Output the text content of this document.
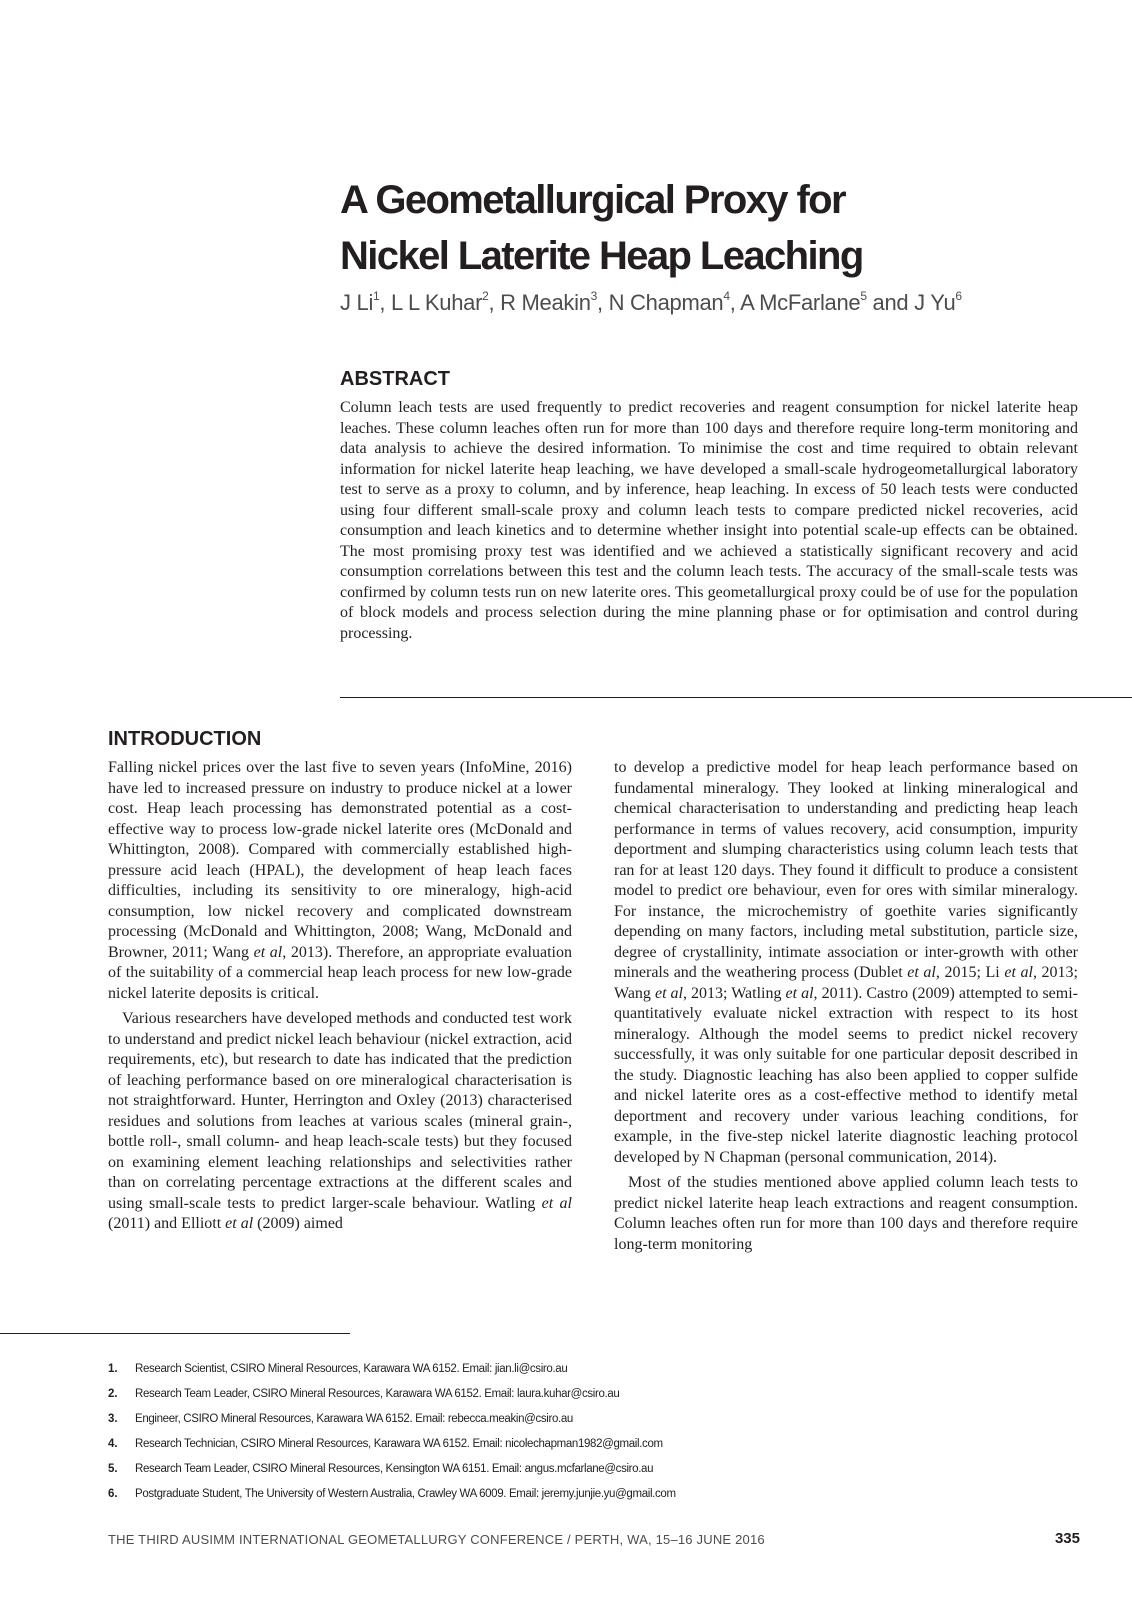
A Geometallurgical Proxy for
Nickel Laterite Heap Leaching

J Li$^1$, L L Kuhar$^2$, R Meakin$^3$, N Chapman$^4$, A McFarlane$^5$ and J Yu$^6$

ABSTRACT

Column leach tests are used frequently to predict recoveries and reagent consumption for nickel laterite heap leaches. These column leaches often run for more than 100 days and therefore require long-term monitoring and data analysis to achieve the desired information. To minimise the cost and time required to obtain relevant information for nickel laterite heap leaching, we have developed a small-scale hydrogeometallurgical laboratory test to serve as a proxy to column, and by inference, heap leaching. In excess of 50 leach tests were conducted using four different small-scale proxy and column leach tests to compare predicted nickel recoveries, acid consumption and leach kinetics and to determine whether insight into potential scale-up effects can be obtained. The most promising proxy test was identified and we achieved a statistically significant recovery and acid consumption correlations between this test and the column leach tests. The accuracy of the small-scale tests was confirmed by column tests run on new laterite ores. This geometallurgical proxy could be of use for the population of block models and process selection during the mine planning phase or for optimisation and control during processing.

INTRODUCTION

Falling nickel prices over the last five to seven years (InfoMine, 2016) have led to increased pressure on industry to produce nickel at a lower cost. Heap leach processing has demonstrated potential as a cost-effective way to process low-grade nickel laterite ores (McDonald and Whittington, 2008). Compared with commercially established high-pressure acid leach (HPAL), the development of heap leach faces difficulties, including its sensitivity to ore mineralogy, high-acid consumption, low nickel recovery and complicated downstream processing (McDonald and Whittington, 2008; Wang, McDonald and Browner, 2011; Wang et al, 2013). Therefore, an appropriate evaluation of the suitability of a commercial heap leach process for new low-grade nickel laterite deposits is critical.

Various researchers have developed methods and conducted test work to understand and predict nickel leach behaviour (nickel extraction, acid requirements, etc), but research to date has indicated that the prediction of leaching performance based on ore mineralogical characterisation is not straightforward. Hunter, Herrington and Oxley (2013) characterised residues and solutions from leaches at various scales (mineral grain-, bottle roll-, small column- and heap leach-scale tests) but they focused on examining element leaching relationships and selectivities rather than on correlating percentage extractions at the different scales and using small-scale tests to predict larger-scale behaviour. Watling et al (2011) and Elliott et al (2009) aimed

to develop a predictive model for heap leach performance based on fundamental mineralogy. They looked at linking mineralogical and chemical characterisation to understanding and predicting heap leach performance in terms of values recovery, acid consumption, impurity deportment and slumping characteristics using column leach tests that ran for at least 120 days. They found it difficult to produce a consistent model to predict ore behaviour, even for ores with similar mineralogy. For instance, the microchemistry of goethite varies significantly depending on many factors, including metal substitution, particle size, degree of crystallinity, intimate association or inter-growth with other minerals and the weathering process (Dublet et al, 2015; Li et al, 2013; Wang et al, 2013; Watling et al, 2011). Castro (2009) attempted to semi-quantitatively evaluate nickel extraction with respect to its host mineralogy. Although the model seems to predict nickel recovery successfully, it was only suitable for one particular deposit described in the study. Diagnostic leaching has also been applied to copper sulfide and nickel laterite ores as a cost-effective method to identify metal deportment and recovery under various leaching conditions, for example, in the five-step nickel laterite diagnostic leaching protocol developed by N Chapman (personal communication, 2014).

Most of the studies mentioned above applied column leach tests to predict nickel laterite heap leach extractions and reagent consumption. Column leaches often run for more than 100 days and therefore require long-term monitoring

1.	Research Scientist, CSIRO Mineral Resources, Karawara WA 6152. Email: jian.li@csiro.au
2.	Research Team Leader, CSIRO Mineral Resources, Karawara WA 6152. Email: laura.kuhar@csiro.au
3.	Engineer, CSIRO Mineral Resources, Karawara WA 6152. Email: rebecca.meakin@csiro.au
4.	Research Technician, CSIRO Mineral Resources, Karawara WA 6152. Email: nicolechapman1982@gmail.com
5.	Research Team Leader, CSIRO Mineral Resources, Kensington WA 6151. Email: angus.mcfarlane@csiro.au
6.	Postgraduate Student, The University of Western Australia, Crawley WA 6009. Email: jeremy.junjie.yu@gmail.com

THE THIRD AUSIMM INTERNATIONAL GEOMETALLURGY CONFERENCE / PERTH, WA, 15–16 JUNE 2016	335
